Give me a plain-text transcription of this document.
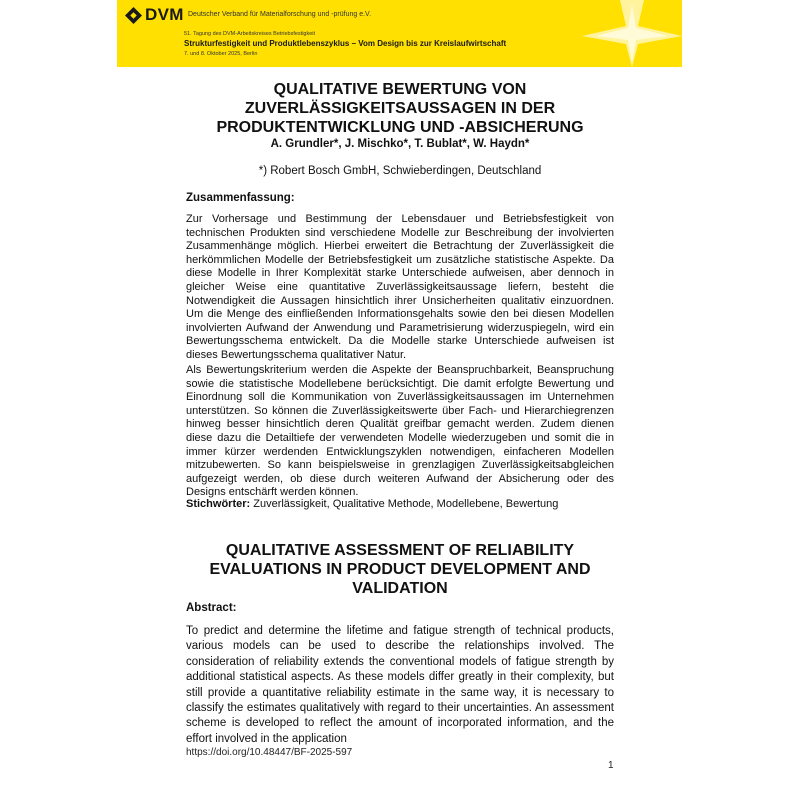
DVM Deutscher Verband für Materialforschung und -prüfung e.V.
51. Tagung des DVM-Arbeitskreises Betriebsfestigkeit
Strukturfestigkeit und Produktlebenszyklus – Vom Design bis zur Kreislaufwirtschaft
7. und 8. Oktober 2025, Berlin
QUALITATIVE BEWERTUNG VON ZUVERLÄSSIGKEITSAUSSAGEN IN DER PRODUKTENTWICKLUNG UND -ABSICHERUNG
A. Grundler*, J. Mischko*, T. Bublat*, W. Haydn*
*) Robert Bosch GmbH, Schwieberdingen, Deutschland
Zusammenfassung:

Zur Vorhersage und Bestimmung der Lebensdauer und Betriebsfestigkeit von technischen Produkten sind verschiedene Modelle zur Beschreibung der involvierten Zusammenhänge möglich. Hierbei erweitert die Betrachtung der Zuverlässigkeit die herkömmlichen Modelle der Betriebsfestigkeit um zusätzliche statistische Aspekte. Da diese Modelle in Ihrer Komplexität starke Unterschiede aufweisen, aber dennoch in gleicher Weise eine quantitative Zuverlässigkeitsaussage liefern, besteht die Notwendigkeit die Aussagen hinsichtlich ihrer Unsicherheiten qualitativ einzuordnen. Um die Menge des einfließenden Informationsgehalts sowie den bei diesen Modellen involvierten Aufwand der Anwendung und Parametrisierung widerzuspiegeln, wird ein Bewertungsschema entwickelt. Da die Modelle starke Unterschiede aufweisen ist dieses Bewertungsschema qualitativer Natur.

Als Bewertungskriterium werden die Aspekte der Beanspruchbarkeit, Beanspruchung sowie die statistische Modellebene berücksichtigt. Die damit erfolgte Bewertung und Einordnung soll die Kommunikation von Zuverlässigkeitsaussagen im Unternehmen unterstützen. So können die Zuverlässigkeitswerte über Fach- und Hierarchiegrenzen hinweg besser hinsichtlich deren Qualität greifbar gemacht werden. Zudem dienen diese dazu die Detailtiefe der verwendeten Modelle wiederzugeben und somit die in immer kürzer werdenden Entwicklungszyklen notwendigen, einfacheren Modellen mitzubewerten. So kann beispielsweise in grenzlagigen Zuverlässigkeitsabgleichen aufgezeigt werden, ob diese durch weiteren Aufwand der Absicherung oder des Designs entschärft werden können.

Stichwörter: Zuverlässigkeit, Qualitative Methode, Modellebene, Bewertung
QUALITATIVE ASSESSMENT OF RELIABILITY EVALUATIONS IN PRODUCT DEVELOPMENT AND VALIDATION
Abstract:

To predict and determine the lifetime and fatigue strength of technical products, various models can be used to describe the relationships involved. The consideration of reliability extends the conventional models of fatigue strength by additional statistical aspects. As these models differ greatly in their complexity, but still provide a quantitative reliability estimate in the same way, it is necessary to classify the estimates qualitatively with regard to their uncertainties. An assessment scheme is developed to reflect the amount of incorporated information, and the effort involved in the application

https://doi.org/10.48447/BF-2025-597
1
